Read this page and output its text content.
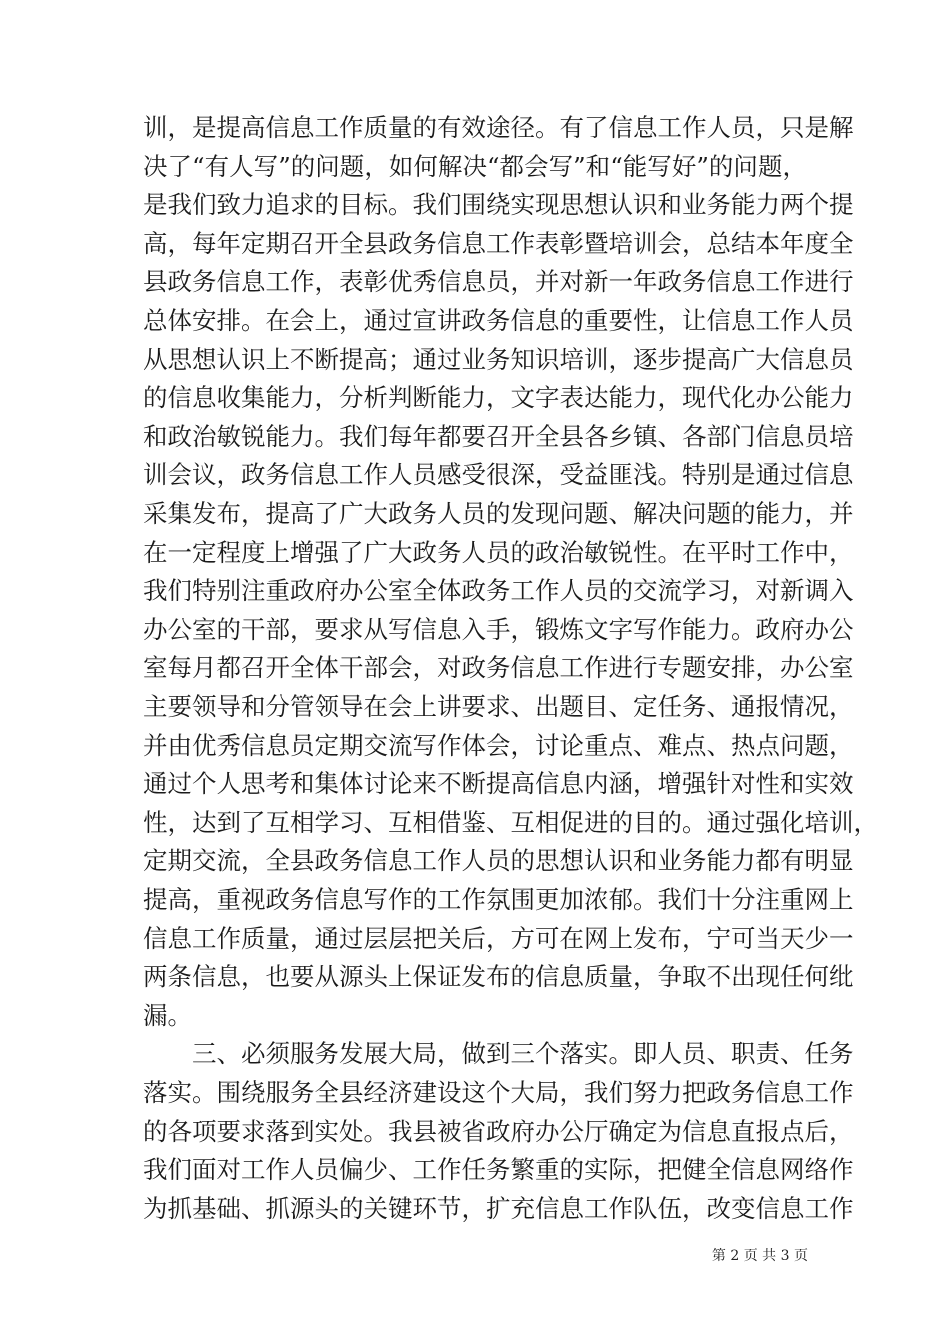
训，是提高信息工作质量的有效途径。有了信息工作人员，只是解
决了“有人写”的问题，如何解决“都会写”和“能写好”的问题，
是我们致力追求的目标。我们围绕实现思想认识和业务能力两个提
高，每年定期召开全县政务信息工作表彰暨培训会，总结本年度全
县政务信息工作，表彰优秀信息员，并对新一年政务信息工作进行
总体安排。在会上，通过宣讲政务信息的重要性，让信息工作人员
从思想认识上不断提高；通过业务知识培训，逐步提高广大信息员
的信息收集能力，分析判断能力，文字表达能力，现代化办公能力
和政治敏锐能力。我们每年都要召开全县各乡镇、各部门信息员培
训会议，政务信息工作人员感受很深，受益匪浅。特别是通过信息
采集发布，提高了广大政务人员的发现问题、解决问题的能力，并
在一定程度上增强了广大政务人员的政治敏锐性。在平时工作中，
我们特别注重政府办公室全体政务工作人员的交流学习，对新调入
办公室的干部，要求从写信息入手，锻炼文字写作能力。政府办公
室每月都召开全体干部会，对政务信息工作进行专题安排，办公室
主要领导和分管领导在会上讲要求、出题目、定任务、通报情况，
并由优秀信息员定期交流写作体会，讨论重点、难点、热点问题，
通过个人思考和集体讨论来不断提高信息内涵，增强针对性和实效
性，达到了互相学习、互相借鉴、互相促进的目的。通过强化培训，
定期交流，全县政务信息工作人员的思想认识和业务能力都有明显
提高，重视政务信息写作的工作氛围更加浓郁。我们十分注重网上
信息工作质量，通过层层把关后，方可在网上发布，宁可当天少一
两条信息，也要从源头上保证发布的信息质量，争取不出现任何纰
漏。
三、必须服务发展大局，做到三个落实。即人员、职责、任务
落实。围绕服务全县经济建设这个大局，我们努力把政务信息工作
的各项要求落到实处。我县被省政府办公厅确定为信息直报点后，
我们面对工作人员偏少、工作任务繁重的实际，把健全信息网络作
为抓基础、抓源头的关键环节，扩充信息工作队伍，改变信息工作
第 2 页 共 3 页
